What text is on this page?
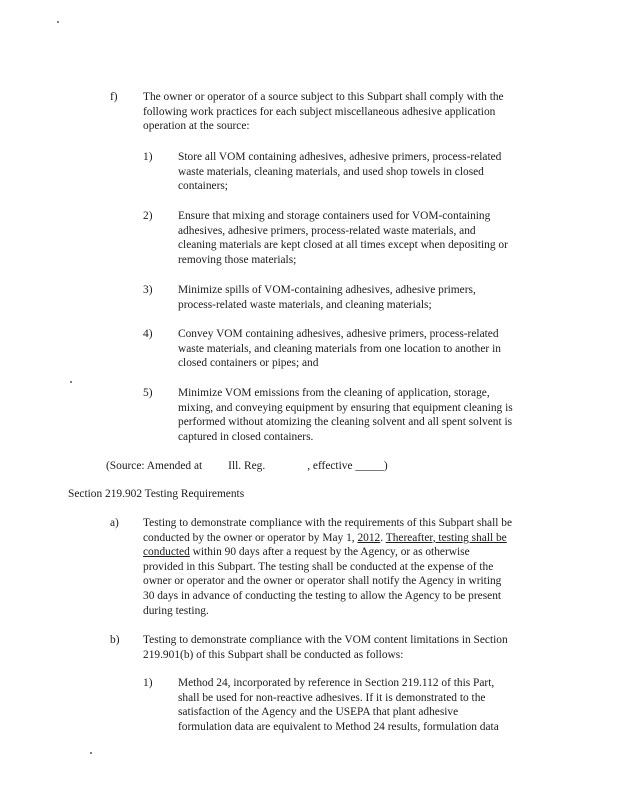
f) The owner or operator of a source subject to this Subpart shall comply with the
following work practices for each subject miscellaneous adhesive application
operation at the source:
1) Store all VOM containing adhesives, adhesive primers, process-related
waste materials, cleaning materials, and used shop towels in closed
containers;
2) Ensure that mixing and storage containers used for VOM-containing
adhesives, adhesive primers, process-related waste materials, and
cleaning materials are kept closed at all times except when depositing or
removing those materials;
3) Minimize spills of VOM-containing adhesives, adhesive primers,
process-related waste materials, and cleaning materials;
4) Convey VOM containing adhesives, adhesive primers, process-related
waste materials, and cleaning materials from one location to another in
closed containers or pipes; and
5) Minimize VOM emissions from the cleaning of application, storage,
mixing, and conveying equipment by ensuring that equipment cleaning is
performed without atomizing the cleaning solvent and all spent solvent is
captured in closed containers.
(Source: Amended at Ill. Reg.	, effective _____)
Section 219.902 Testing Requirements
a) Testing to demonstrate compliance with the requirements of this Subpart shall be
conducted by the owner or operator by May 1, 2012. Thereafter, testing shall be
conducted within 90 days after a request by the Agency, or as otherwise
provided in this Subpart. The testing shall be conducted at the expense of the
owner or operator and the owner or operator shall notify the Agency in writing
30 days in advance of conducting the testing to allow the Agency to be present
during testing.
b) Testing to demonstrate compliance with the VOM content limitations in Section
219.901(b) of this Subpart shall be conducted as follows:
1) Method 24, incorporated by reference in Section 219.112 of this Part,
shall be used for non-reactive adhesives. If it is demonstrated to the
satisfaction of the Agency and the USEPA that plant adhesive
formulation data are equivalent to Method 24 results, formulation data
